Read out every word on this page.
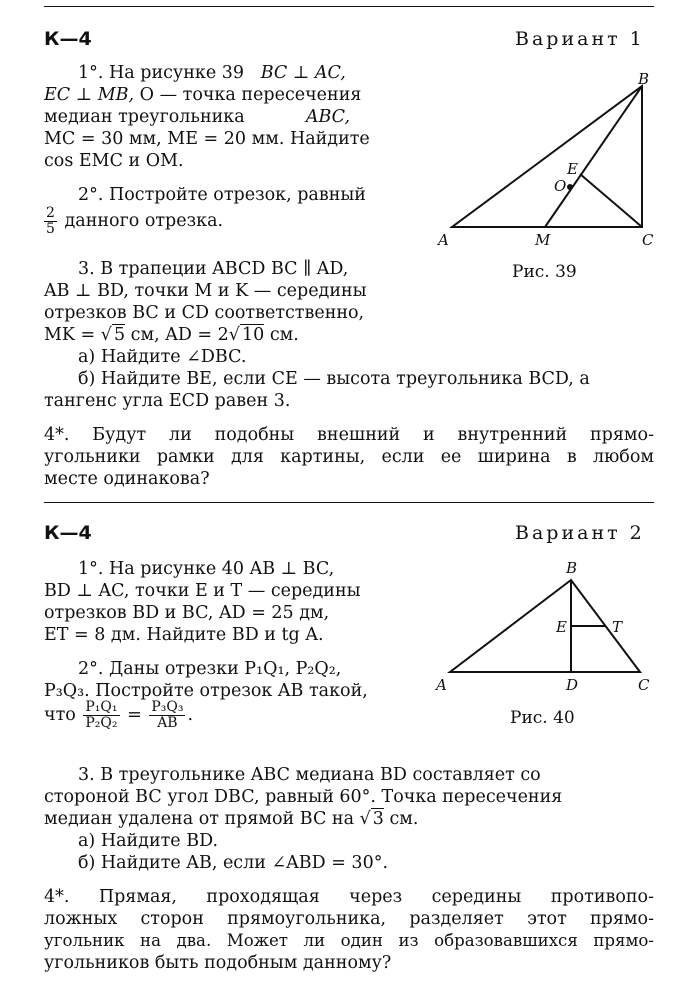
К—4	Вариант 1
1°. На рисунке 39 BC ⊥ AC,
EC ⊥ MB, O — точка пересечения
медиан треугольника	ABC,
MC = 30 мм, ME = 20 мм. Найдите
cos EMC и OM.
2°. Постройте отрезок, равный
$\frac{2}{5}$ данного отрезка.
3. В трапеции ABCD BC ∥ AD,
AB ⊥ BD, точки M и K — середины
отрезков BC и CD соответственно,
MK = √ 5 см, AD = 2√ 10 см.
а) Найдите ∠DBC.
б) Найдите BE, если CE — высота треугольника BCD, а
тангенс угла ECD равен 3.
4*. Будут ли подобны внешний и внутренний прямо-
угольники рамки для картины, если ее ширина в любом
месте одинакова?
B
E
O
A	M	C
Рис. 39
К—4	Вариант 2
1°. На рисунке 40 AB ⊥ BC,
BD ⊥ AC, точки E и T — середины
отрезков BD и BC, AD = 25 дм,
ET = 8 дм. Найдите BD и tg A.
2°. Даны отрезки P₁Q₁, P₂Q₂,
P₃Q₃. Постройте отрезок AB такой,
что $\frac{\text{P₁Q₁}}{\text{P₂Q₂}} = \frac{\text{P₃Q₃}}{AB}$ .
3. В треугольнике ABC медиана BD составляет со
стороной BC угол DBC, равный 60°. Точка пересечения
медиан удалена от прямой BC на √ 3 см.
а) Найдите BD.
б) Найдите AB, если ∠ABD = 30°.
4*. Прямая, проходящая через середины противопо-
ложных сторон прямоугольника, разделяет этот прямо-
угольник на два. Может ли один из образовавшихся прямо-
угольников быть подобным данному?
B
E	T
A	D	C
Рис. 40
